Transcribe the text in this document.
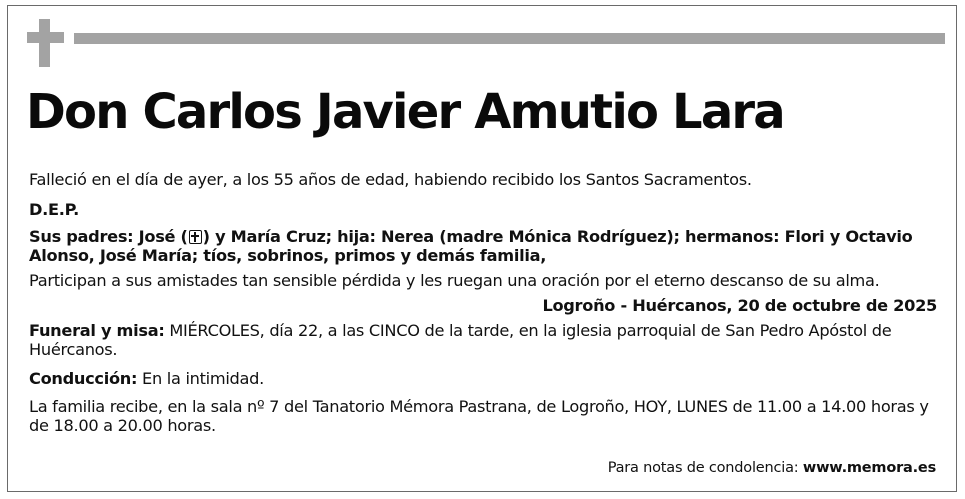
Don Carlos Javier Amutio Lara

Falleció en el día de ayer, a los 55 años de edad, habiendo recibido los Santos Sacramentos.

D.E.P.

Sus padres: José ( ) y María Cruz; hija: Nerea (madre Mónica Rodríguez); hermanos: Flori y Octavio Alonso, José María; tíos, sobrinos, primos y demás familia,

Participan a sus amistades tan sensible pérdida y les ruegan una oración por el eterno descanso de su alma.

Logroño - Huércanos, 20 de octubre de 2025

Funeral y misa: MIÉRCOLES, día 22, a las CINCO de la tarde, en la iglesia parroquial de San Pedro Apóstol de Huércanos.

Conducción: En la intimidad.

La familia recibe, en la sala nº 7 del Tanatorio Mémora Pastrana, de Logroño, HOY, LUNES de 11.00 a 14.00 horas y de 18.00 a 20.00 horas.

Para notas de condolencia: www.memora.es
